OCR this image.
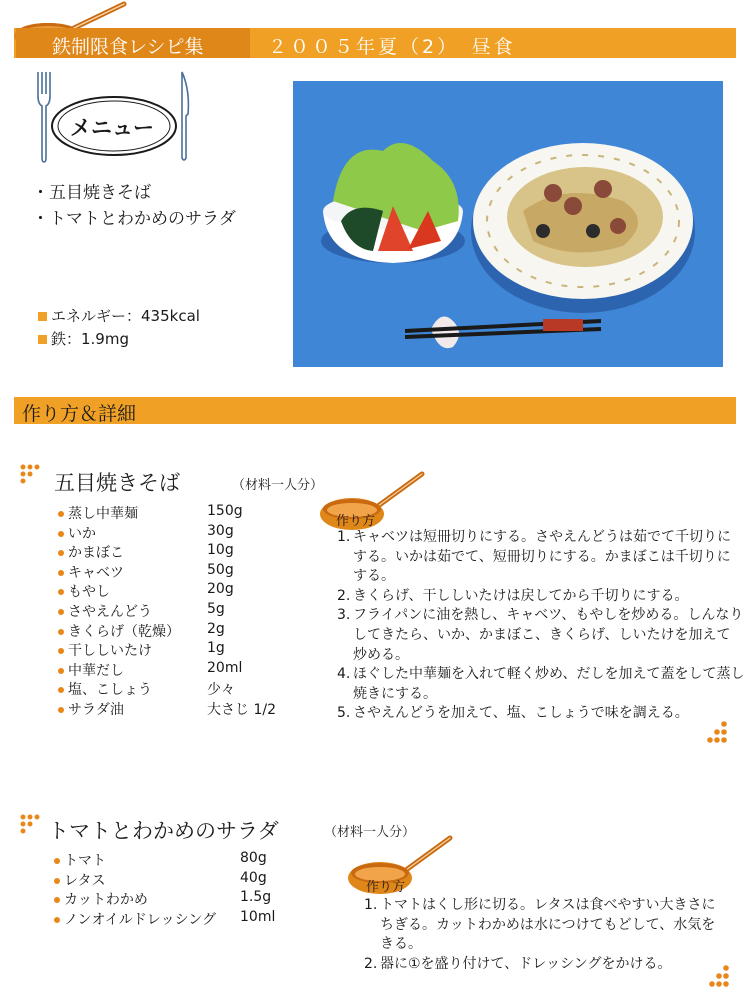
鉄制限食レシピ集	２００５年夏（2）　昼食
メニュー
・五目焼きそば
・トマトとわかめのサラダ
エネルギー：435kcal
鉄：1.9mg
作り方＆詳細
五目焼きそば	（材料一人分）
蒸し中華麺	150g
いか	30g
かまぼこ	10g
キャベツ	50g
もやし	20g
さやえんどう	5g
きくらげ（乾燥） 2g
干ししいたけ	1g
中華だし	20ml
塩、こしょう	少々
サラダ油	大さじ 1/2
作り方
1. キャベツは短冊切りにする。さやえんどうは茹でて千切りに
する。いかは茹でて、短冊切りにする。かまぼこは千切りに
する。
2. きくらげ、干ししいたけは戻してから千切りにする。
3. フライパンに油を熱し、キャベツ、もやしを炒める。しんなり
してきたら、いか、かまぼこ、きくらげ、しいたけを加えて
炒める。
4. ほぐした中華麺を入れて軽く炒め、だしを加えて蓋をして蒸し
焼きにする。
5. さやえんどうを加えて、塩、こしょうで味を調える。
トマトとわかめのサラダ	（材料一人分）
トマト	80g
レタス	40g
カットわかめ	1.5g
ノンオイルドレッシング 10ml
作り方
1. トマトはくし形に切る。レタスは食べやすい大きさに
ちぎる。カットわかめは水につけてもどして、水気を
きる。
2. 器に①を盛り付けて、ドレッシングをかける。
